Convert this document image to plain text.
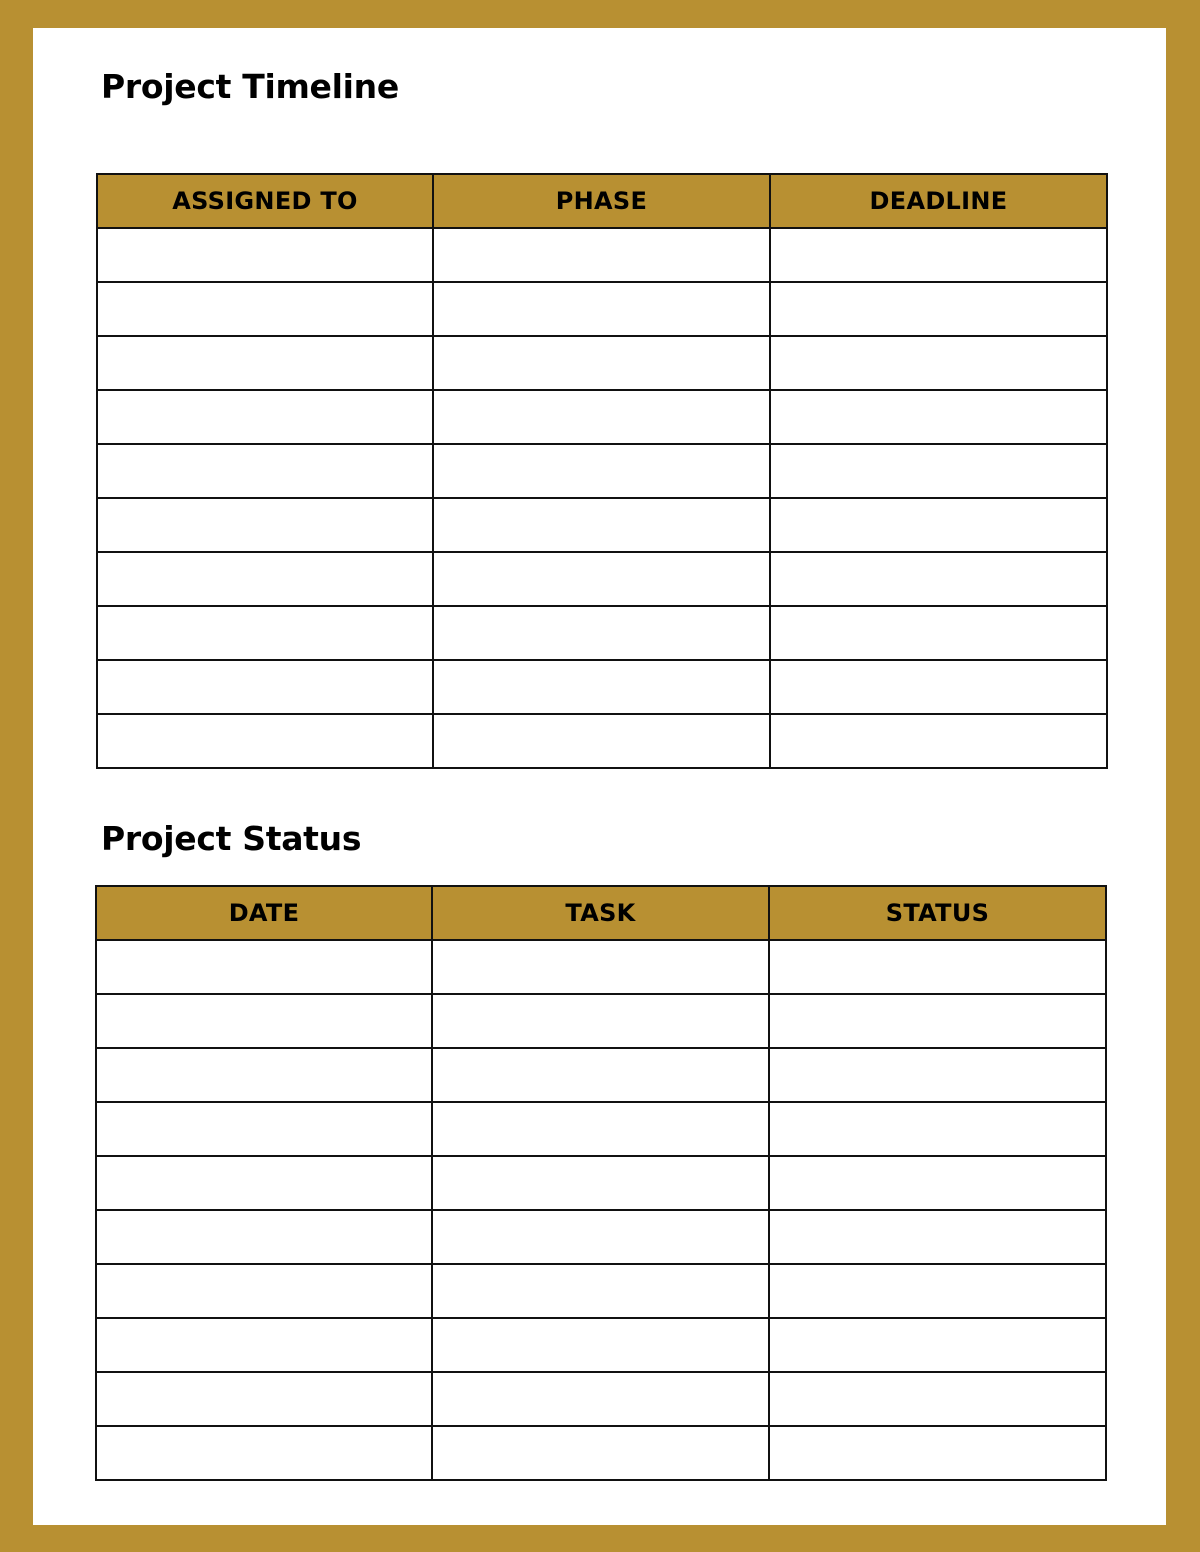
Project Timeline
ASSIGNED TO	PHASE	DEADLINE

Project Status
DATE	TASK	STATUS
